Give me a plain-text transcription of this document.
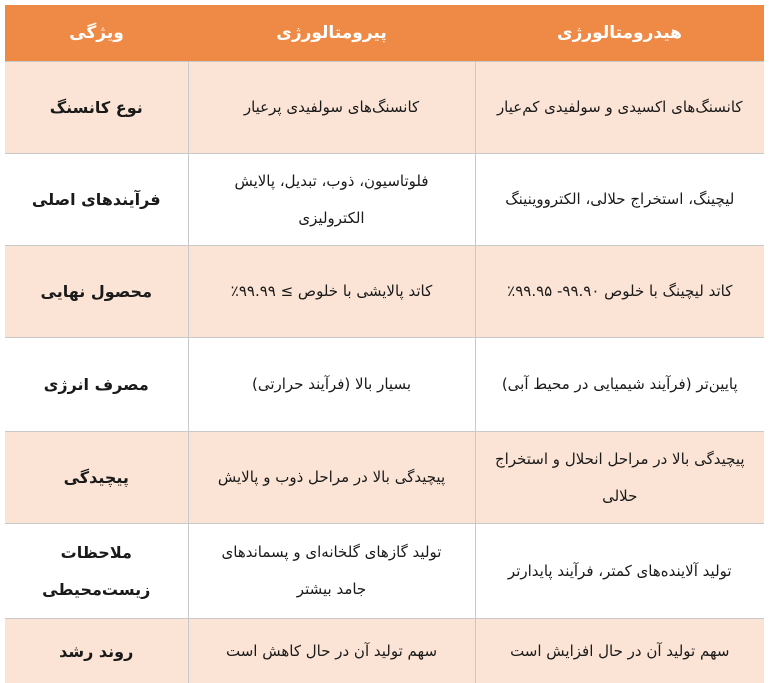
هیدرومتالورژی	پیرومتالورژی	ویژگی
کانسنگ‌های اکسیدی و سولفیدی کم‌عیار	کانسنگ‌های سولفیدی پرعیار	نوع کانسنگ
لیچینگ، استخراج حلالی، الکترووینینگ	فلوتاسیون، ذوب، تبدیل، پالایش الکترولیزی	فرآیندهای اصلی
کاتد لیچینگ با خلوص ۹۹.۹۰- ۹۹.۹۵٪	کاتد پالایشی با خلوص ≥ ۹۹.۹۹٪	محصول نهایی
پایین‌تر (فرآیند شیمیایی در محیط آبی)	بسیار بالا (فرآیند حرارتی)	مصرف انرژی
پیچیدگی بالا در مراحل انحلال و استخراج حلالی	پیچیدگی بالا در مراحل ذوب و پالایش	پیچیدگی
تولید آلاینده‌های کمتر، فرآیند پایدارتر	تولید گازهای گلخانه‌ای و پسماندهای جامد بیشتر	ملاحظات زیست‌محیطی
سهم تولید آن در حال افزایش است	سهم تولید آن در حال کاهش است	روند رشد
